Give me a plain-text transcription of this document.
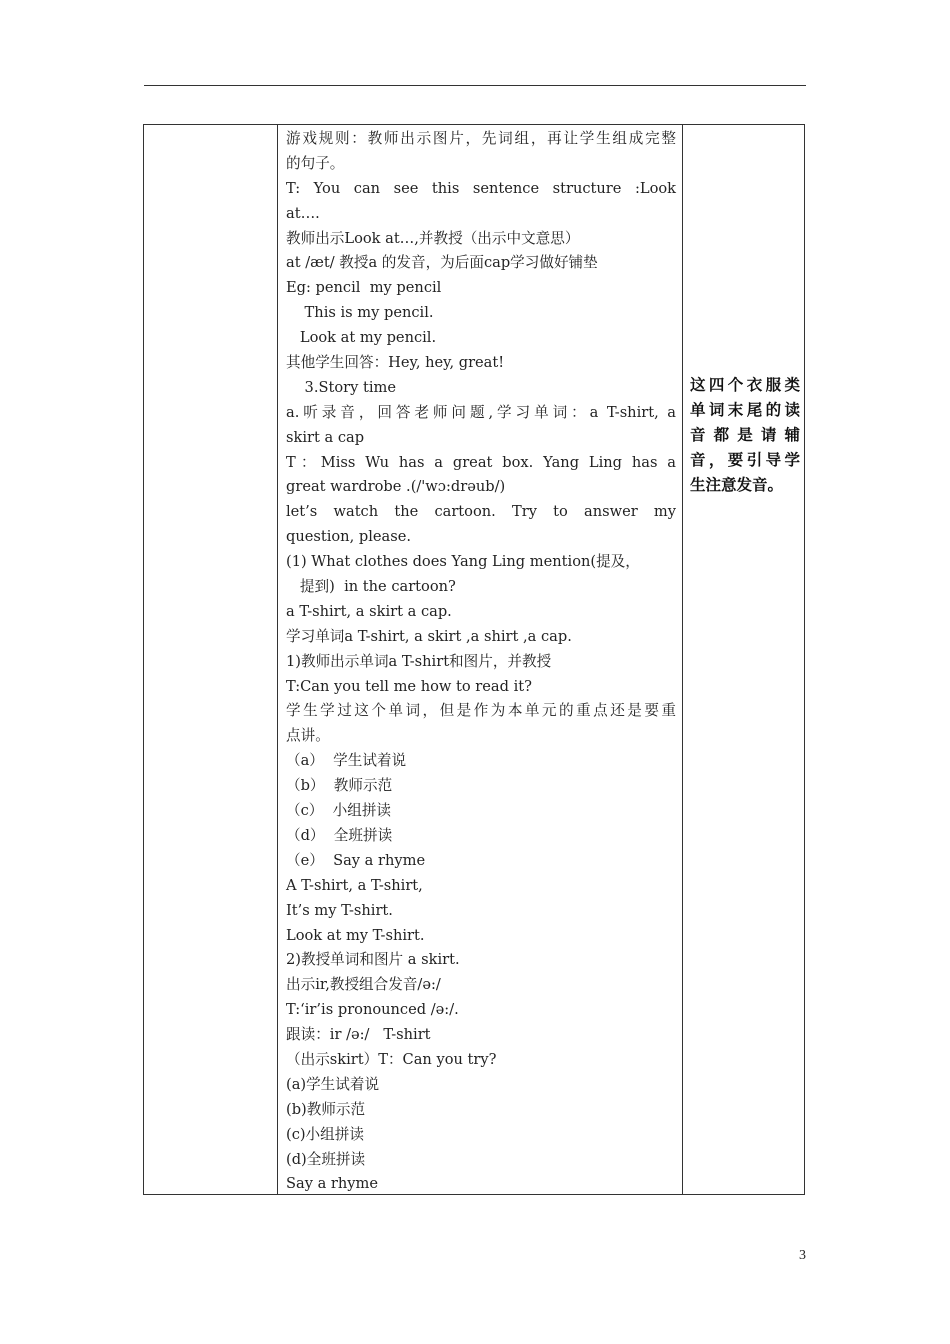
游戏规则：教师出示图片，先词组，再让学生组成完整
的句子。
T: You can see this sentence structure :Look
at….
教师出示Look at…,并教授（出示中文意思）
at /æt/ 教授a 的发音，为后面cap学习做好铺垫
Eg: pencil  my pencil
This is my pencil.
Look at my pencil.
其他学生回答：Hey, hey, great!
3.Story time
a.听录音，回答老师问题,学习单词：a T-shirt, a
skirt a cap
T：Miss Wu has a great box. Yang Ling has a
great wardrobe .(/'wɔ:drəub/)
let’s watch the cartoon. Try to answer my
question, please.
(1) What clothes does Yang Ling mention(提及，
提到)  in the cartoon?
a T-shirt, a skirt a cap.
学习单词a T-shirt, a skirt ,a shirt ,a cap.
1)教师出示单词a T-shirt和图片，并教授
T:Can you tell me how to read it?
学生学过这个单词，但是作为本单元的重点还是要重
点讲。
（a）  学生试着说
（b）  教师示范
（c）  小组拼读
（d）  全班拼读
（e）  Say a rhyme
A T-shirt, a T-shirt,
It’s my T-shirt.
Look at my T-shirt.
2)教授单词和图片 a skirt.
出示ir,教授组合发音/ə:/
T:‘ir’is pronounced /ə:/.
跟读：ir /ə:/   T-shirt
（出示skirt）T：Can you try?
(a)学生试着说
(b)教师示范
(c)小组拼读
(d)全班拼读
Say a rhyme
这四个衣服类
单词末尾的读
音都是请辅
音，要引导学
生注意发音。
3
